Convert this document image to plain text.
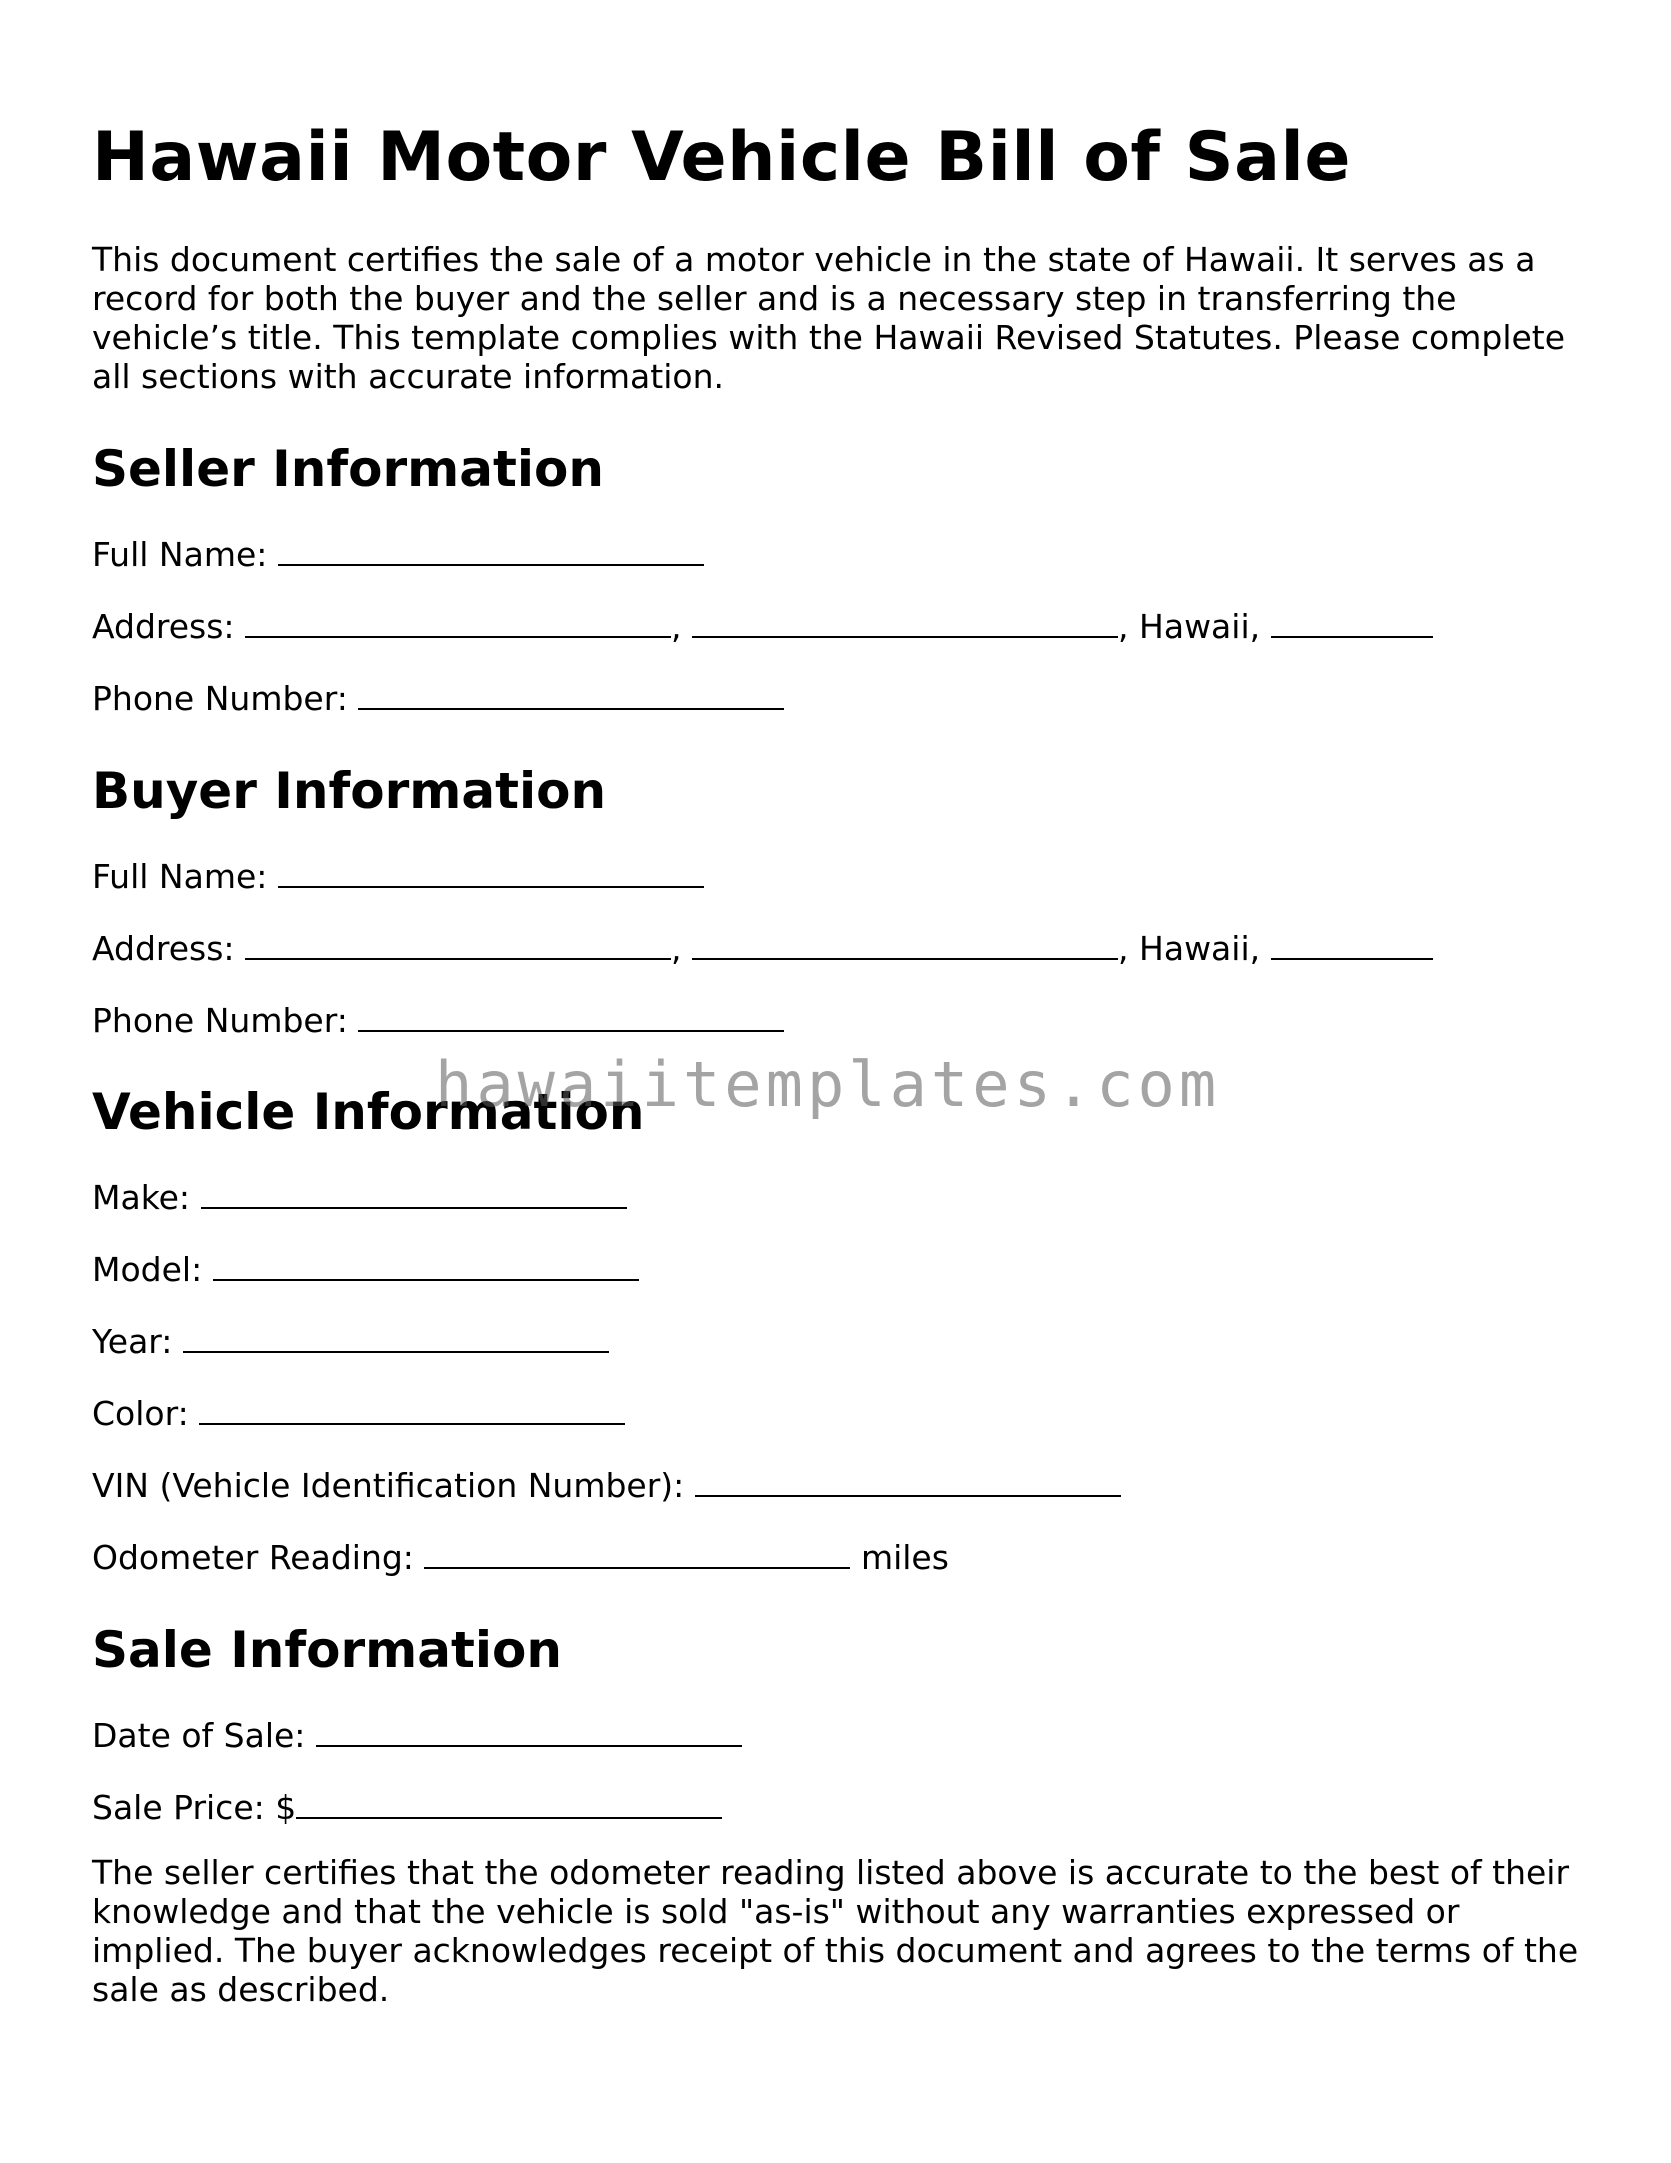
Hawaii Motor Vehicle Bill of Sale

This document certifies the sale of a motor vehicle in the state of Hawaii. It serves as a record for both the buyer and the seller and is a necessary step in transferring the vehicle’s title. This template complies with the Hawaii Revised Statutes. Please complete all sections with accurate information.

Seller Information

Full Name:

Address:	,	, Hawaii,

Phone Number:

Buyer Information

Full Name:

Address:	,	, Hawaii,

Phone Number:

Vehicle Information

Make:

Model:

Year:

Color:

VIN (Vehicle Identification Number):

Odometer Reading:	miles

Sale Information

Date of Sale:

Sale Price: $

The seller certifies that the odometer reading listed above is accurate to the best of their knowledge and that the vehicle is sold "as-is" without any warranties expressed or implied. The buyer acknowledges receipt of this document and agrees to the terms of the sale as described.

hawaiitemplates.com
